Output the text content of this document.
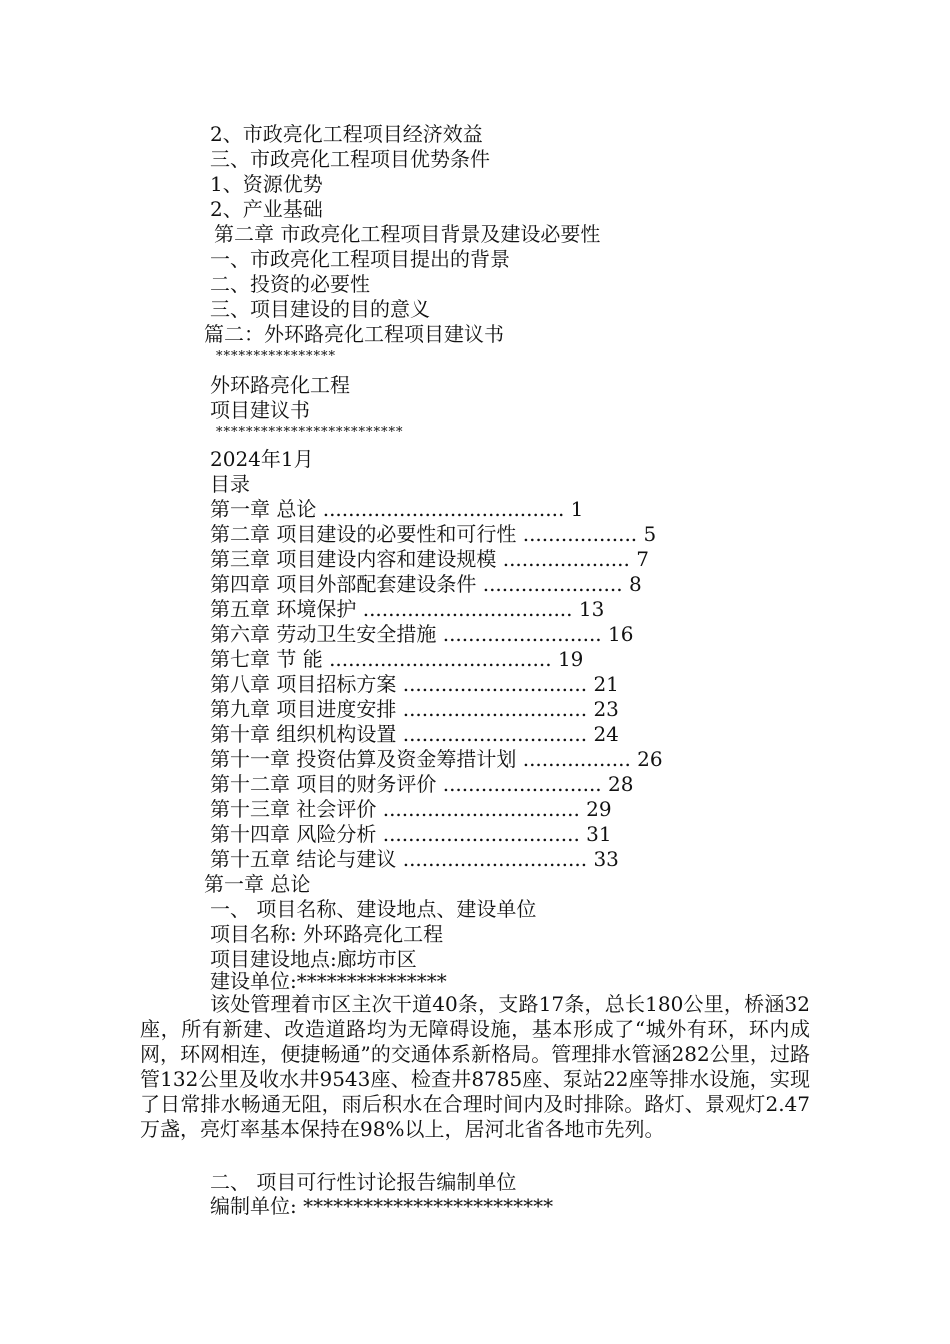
2、市政亮化工程项目经济效益
三、市政亮化工程项目优势条件
1、资源优势
2、产业基础
第二章 市政亮化工程项目背景及建设必要性
一、市政亮化工程项目提出的背景
二、投资的必要性
三、项目建设的目的意义
篇二：外环路亮化工程项目建议书
****************
外环路亮化工程
项目建议书
*************************
2024年1月
目录
第一章 总论 ...................................... 1
第二章 项目建设的必要性和可行性 .................. 5
第三章 项目建设内容和建设规模 .................... 7
第四章 项目外部配套建设条件 ...................... 8
第五章 环境保护 ................................. 13
第六章 劳动卫生安全措施 ......................... 16
第七章 节 能 ................................... 19
第八章 项目招标方案 ............................. 21
第九章 项目进度安排 ............................. 23
第十章 组织机构设置 ............................. 24
第十一章 投资估算及资金筹措计划 ................. 26
第十二章 项目的财务评价 ......................... 28
第十三章 社会评价 ............................... 29
第十四章 风险分析 ............................... 31
第十五章 结论与建议 ............................. 33
第一章 总论
一、 项目名称、建设地点、建设单位
项目名称: 外环路亮化工程
项目建设地点:廊坊市区
建设单位:***************
该处管理着市区主次干道40条，支路17条，总长180公里，桥涵32座，所有新建、改造道路均为无障碍设施，基本形成了“城外有环，环内成网，环网相连，便捷畅通”的交通体系新格局。管理排水管涵282公里，过路管132公里及收水井9543座、检查井8785座、泵站22座等排水设施，实现了日常排水畅通无阻，雨后积水在合理时间内及时排除。路灯、景观灯2.47万盏，亮灯率基本保持在98%以上，居河北省各地市先列。
二、 项目可行性讨论报告编制单位
编制单位: *************************
